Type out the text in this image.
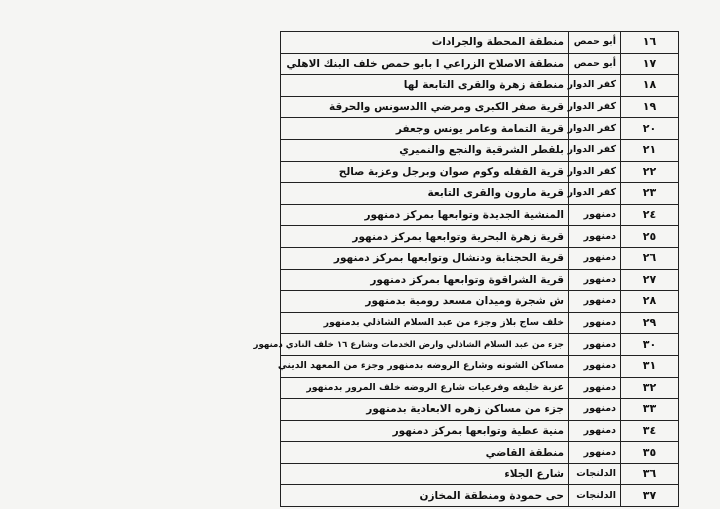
منطقة المحطة والجرادات	أبو حمص	١٦
منطقة الاصلاح الزراعي ا بابو حمص خلف البنك الاهلي	أبو حمص	١٧
منطقة زهرة والقرى التابعة لها	كفر الدوار	١٨
قرية صفر الكبرى ومرضي االدسونس والحرقة	كفر الدوار	١٩
قرية التمامة وعامر يونس وجعفر	كفر الدوار	٢٠
بلقطر الشرقية والنجع والنميري	كفر الدوار	٢١
قرية القفله وكوم صوان وبرجل وعزبة صالح	كفر الدوار	٢٢
قرية مارون والقرى التابعة	كفر الدوار	٢٣
المنشية الجديدة وتوابعها بمركز دمنهور	دمنهور	٢٤
قرية زهرة البحرية وتوابعها بمركز دمنهور	دمنهور	٢٥
قرية الحجنابة ودنشال وتوابعها بمركز دمنهور	دمنهور	٢٦
قرية الشراقوة وتوابعها بمركز دمنهور	دمنهور	٢٧
ش شجرة وميدان مسعد رومية بدمنهور	دمنهور	٢٨
خلف ساج بلاز وجزء من عبد السلام الشاذلي بدمنهور	دمنهور	٢٩
جزء من عبد السلام الشاذلي وارض الخدمات وشارع ١٦ خلف النادي دمنهور	دمنهور	٣٠
مساكن الشونه وشارع الروضه بدمنهور وجزء من المعهد الديني	دمنهور	٣١
عزبة خليفه وفرعيات شارع الروضه خلف المرور بدمنهور	دمنهور	٣٢
جزء من مساكن زهره الابعادية بدمنهور	دمنهور	٣٣
منية عطية وتوابعها بمركز دمنهور	دمنهور	٣٤
منطقة القاضي	دمنهور	٣٥
شارع الجلاء	الدلنجات	٣٦
حى حمودة ومنطقة المخازن	الدلنجات	٣٧
